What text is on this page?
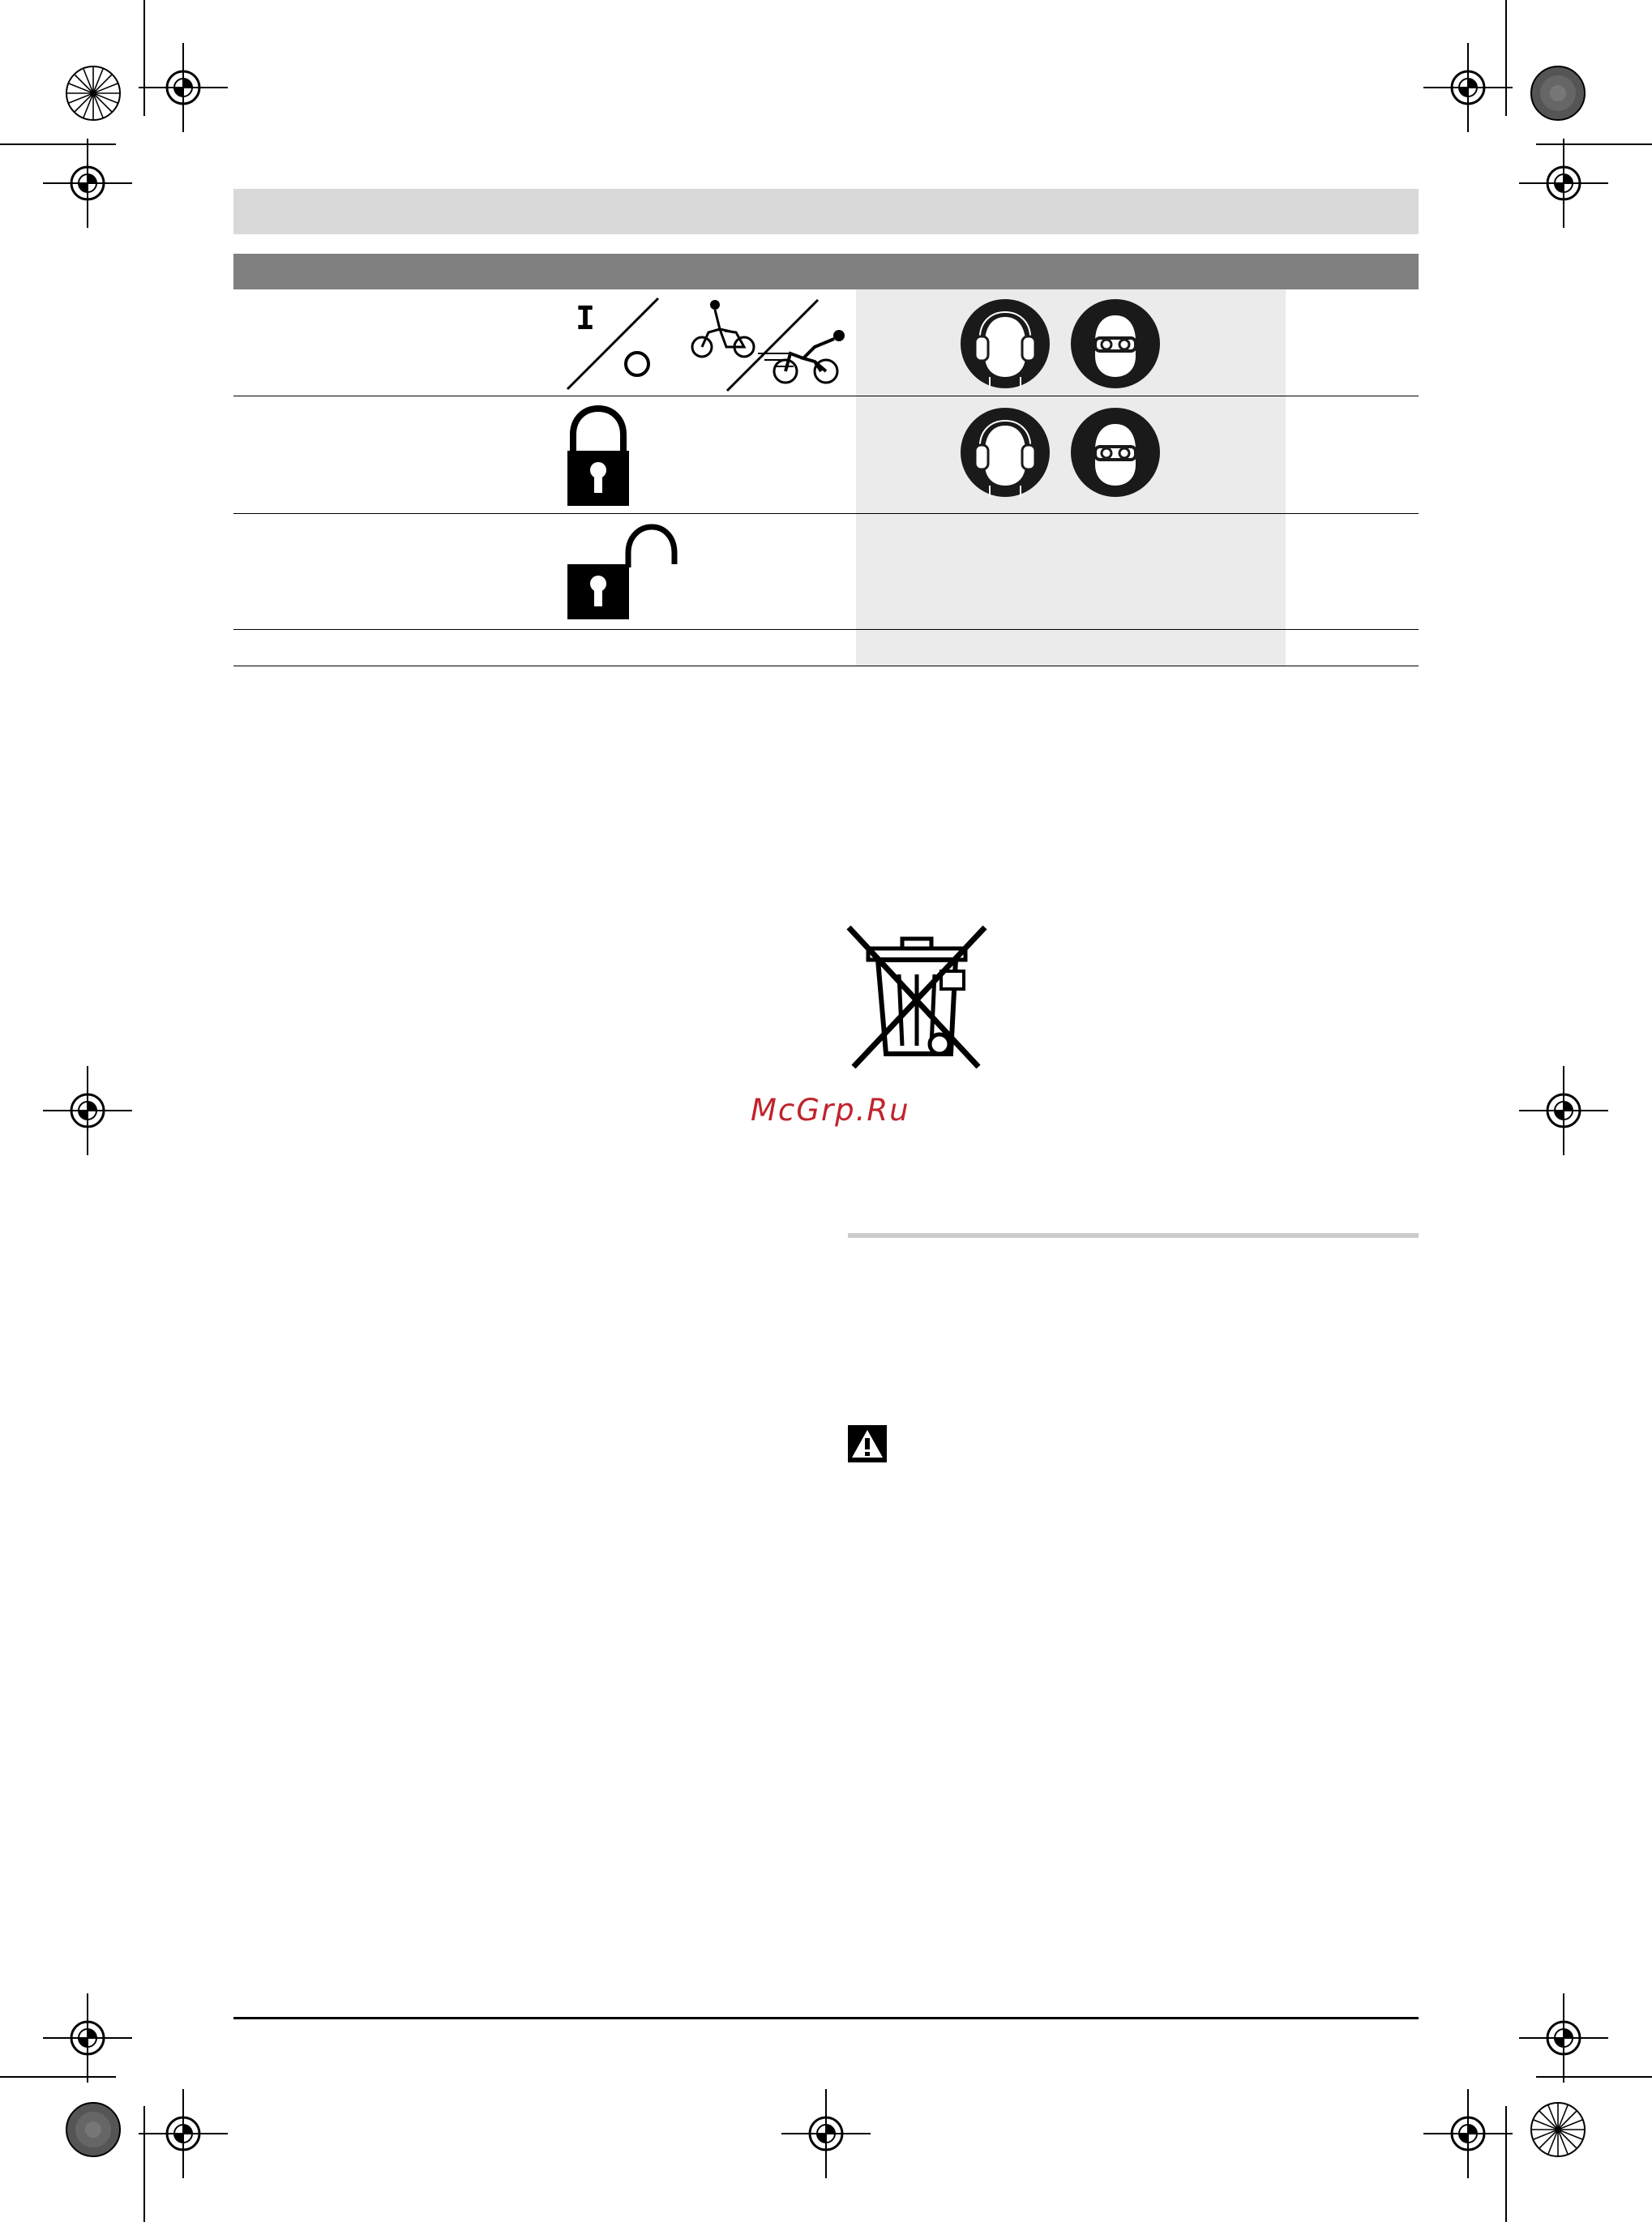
I
McGrp.Ru
